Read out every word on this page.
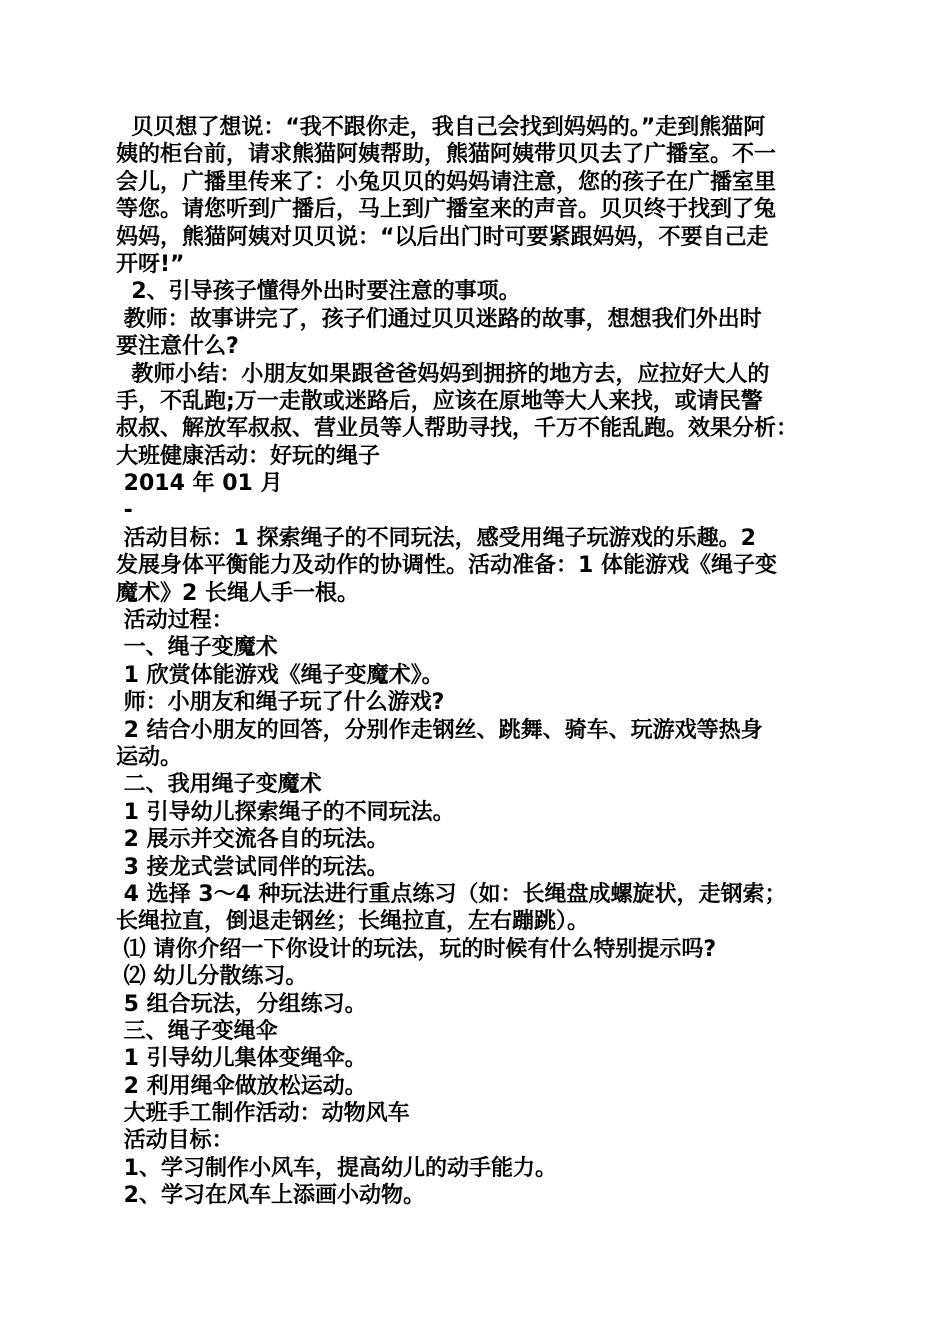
贝贝想了想说：“我不跟你走，我自己会找到妈妈的。”走到熊猫阿
姨的柜台前，请求熊猫阿姨帮助，熊猫阿姨带贝贝去了广播室。不一
会儿，广播里传来了：小兔贝贝的妈妈请注意，您的孩子在广播室里
等您。请您听到广播后，马上到广播室来的声音。贝贝终于找到了兔
妈妈，熊猫阿姨对贝贝说：“以后出门时可要紧跟妈妈，不要自己走
开呀!”
2、引导孩子懂得外出时要注意的事项。
教师：故事讲完了，孩子们通过贝贝迷路的故事，想想我们外出时
要注意什么?
教师小结：小朋友如果跟爸爸妈妈到拥挤的地方去，应拉好大人的
手，不乱跑;万一走散或迷路后，应该在原地等大人来找，或请民警
叔叔、解放军叔叔、营业员等人帮助寻找，千万不能乱跑。效果分析：
大班健康活动：好玩的绳子
2014 年 01 月
-
活动目标：1 探索绳子的不同玩法，感受用绳子玩游戏的乐趣。2
发展身体平衡能力及动作的协调性。活动准备：1 体能游戏《绳子变
魔术》2 长绳人手一根。
活动过程：
一、绳子变魔术
1 欣赏体能游戏《绳子变魔术》。
师：小朋友和绳子玩了什么游戏?
2 结合小朋友的回答，分别作走钢丝、跳舞、骑车、玩游戏等热身
运动。
二、我用绳子变魔术
1 引导幼儿探索绳子的不同玩法。
2 展示并交流各自的玩法。
3 接龙式尝试同伴的玩法。
4 选择 3～4 种玩法进行重点练习（如：长绳盘成螺旋状，走钢索；
长绳拉直，倒退走钢丝；长绳拉直，左右蹦跳）。
⑴ 请你介绍一下你设计的玩法，玩的时候有什么特别提示吗?
⑵ 幼儿分散练习。
5 组合玩法，分组练习。
三、绳子变绳伞
1 引导幼儿集体变绳伞。
2 利用绳伞做放松运动。
大班手工制作活动：动物风车
活动目标：
1、学习制作小风车，提高幼儿的动手能力。
2、学习在风车上添画小动物。
